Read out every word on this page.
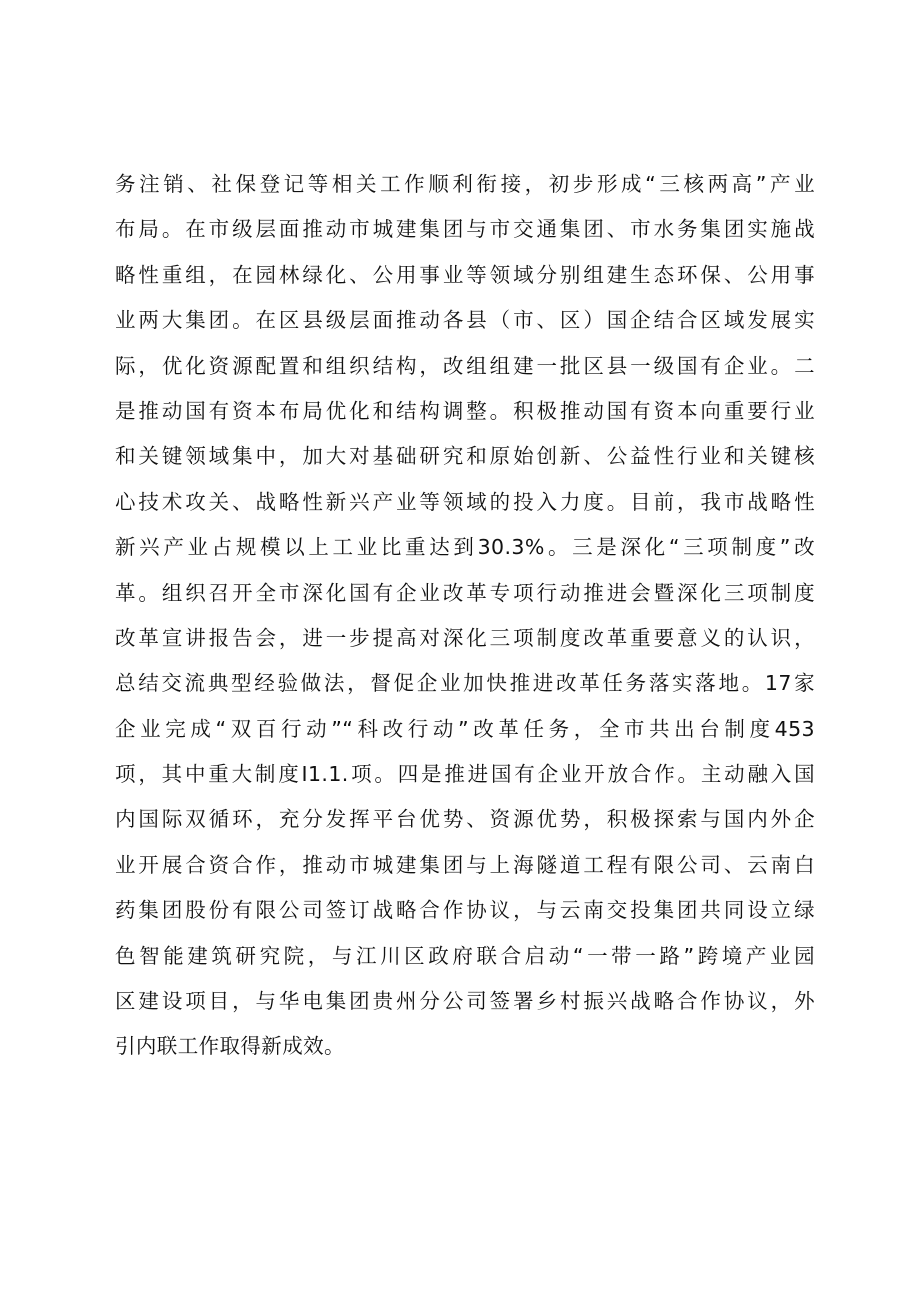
务注销、社保登记等相关工作顺利衔接，初步形成“三核两高”产业
布局。在市级层面推动市城建集团与市交通集团、市水务集团实施战
略性重组，在园林绿化、公用事业等领域分别组建生态环保、公用事
业两大集团。在区县级层面推动各县（市、区）国企结合区域发展实
际，优化资源配置和组织结构，改组组建一批区县一级国有企业。二
是推动国有资本布局优化和结构调整。积极推动国有资本向重要行业
和关键领域集中，加大对基础研究和原始创新、公益性行业和关键核
心技术攻关、战略性新兴产业等领域的投入力度。目前，我市战略性
新兴产业占规模以上工业比重达到30.3%。三是深化“三项制度”改
革。组织召开全市深化国有企业改革专项行动推进会暨深化三项制度
改革宣讲报告会，进一步提高对深化三项制度改革重要意义的认识，
总结交流典型经验做法，督促企业加快推进改革任务落实落地。17家
企业完成“双百行动”“科改行动”改革任务，全市共出台制度453
项，其中重大制度I1.1.项。四是推进国有企业开放合作。主动融入国
内国际双循环，充分发挥平台优势、资源优势，积极探索与国内外企
业开展合资合作，推动市城建集团与上海隧道工程有限公司、云南白
药集团股份有限公司签订战略合作协议，与云南交投集团共同设立绿
色智能建筑研究院，与江川区政府联合启动“一带一路”跨境产业园
区建设项目，与华电集团贵州分公司签署乡村振兴战略合作协议，外
引内联工作取得新成效。
